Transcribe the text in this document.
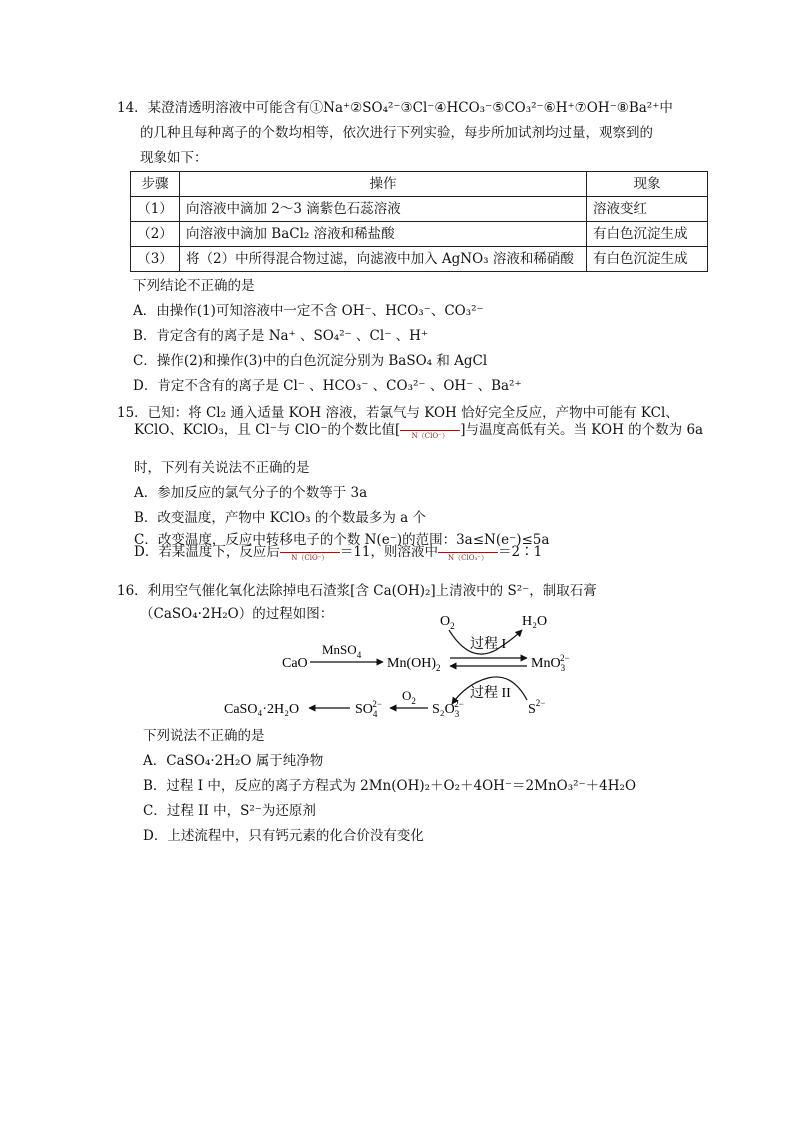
14．某澄清透明溶液中可能含有①Na⁺②SO₄²⁻③Cl⁻④HCO₃⁻⑤CO₃²⁻⑥H⁺⑦OH⁻⑧Ba²⁺中
的几种且每种离子的个数均相等，依次进行下列实验，每步所加试剂均过量，观察到的
现象如下：
步骤	操作	现象
（1）	向溶液中滴加 2～3 滴紫色石蕊溶液	溶液变红
（2）	向溶液中滴加 BaCl₂ 溶液和稀盐酸	有白色沉淀生成
（3）	将（2）中所得混合物过滤，向滤液中加入 AgNO₃ 溶液和稀硝酸	有白色沉淀生成
下列结论不正确的是
A．由操作(1)可知溶液中一定不含 OH⁻、HCO₃⁻、CO₃²⁻
B．肯定含有的离子是 Na⁺ 、SO₄²⁻ 、Cl⁻ 、H⁺
C．操作(2)和操作(3)中的白色沉淀分别为 BaSO₄ 和 AgCl
D．肯定不含有的离子是 Cl⁻ 、HCO₃⁻ 、CO₃²⁻ 、OH⁻ 、Ba²⁺
15．已知：将 Cl₂ 通入适量 KOH 溶液，若氯气与 KOH 恰好完全反应，产物中可能有 KCl、
KClO、KClO₃，且 Cl⁻与 ClO⁻的个数比值[
	N（ClO⁻） ]与温度高低有关。当 KOH 的个数为 6a
时，下列有关说法不正确的是
A．参加反应的氯气分子的个数等于 3a
B．改变温度，产物中 KClO₃ 的个数最多为 a 个
C．改变温度，反应中转移电子的个数 N(e⁻)的范围：3a≤N(e⁻)≤5a
D．若某温度下，反应后
	N（ClO⁻） ＝11，则溶液中
	N（ClO₃⁻） ＝2∶1
16．利用空气催化氧化法除掉电石渣浆[含 Ca(OH)₂]上清液中的 S²⁻，制取石膏
（CaSO₄·2H₂O）的过程如图：	$O_2$	H₂O
过程 I
CaO
MnSO$_4$
$Mn(OH)_2$	MnO$_3$2−
过程 II
$S^{2-}$
CaSO₄·2H₂O	$SO_42-$
$O_2$
$S_2O_32-$
下列说法不正确的是
A．CaSO₄·2H₂O 属于纯净物
B．过程 I 中，反应的离子方程式为 2Mn(OH)₂＋O₂＋4OH⁻＝2MnO₃²⁻＋4H₂O
C．过程 II 中，S²⁻为还原剂
D．上述流程中，只有钙元素的化合价没有变化
